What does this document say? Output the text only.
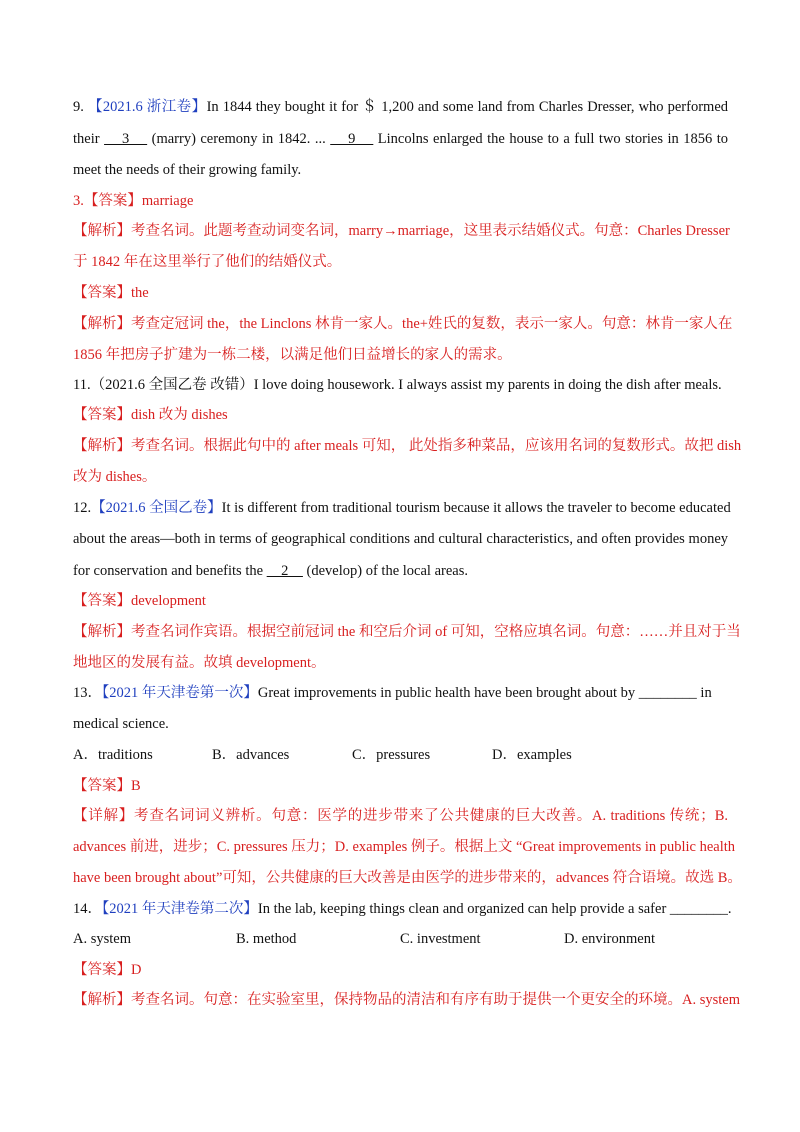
9. 【2021.6 浙江卷】In 1844 they bought it for ＄ 1,200 and some land from Charles Dresser, who performed
their     3     (marry) ceremony in 1842. ...     9     Lincolns enlarged the house to a full two stories in 1856 to
meet the needs of their growing family.
3.【答案】marriage
【解析】考查名词。此题考查动词变名词，marry→marriage，这里表示结婚仪式。句意：Charles Dresser
于 1842 年在这里举行了他们的结婚仪式。
【答案】the
【解析】考查定冠词 the，the Linclons 林肯一家人。the+姓氏的复数，表示一家人。句意：林肯一家人在
1856 年把房子扩建为一栋二楼，以满足他们日益增长的家人的需求。
11.（2021.6 全国乙卷 改错）I love doing housework. I always assist my parents in doing the dish after meals.
【答案】dish 改为 dishes
【解析】考查名词。根据此句中的 after meals 可知， 此处指多种菜品，应该用名词的复数形式。故把 dish
改为 dishes。
12.【2021.6 全国乙卷】It is different from traditional tourism because it allows the traveler to become educated
about the areas—both in terms of geographical conditions and cultural characteristics, and often provides money
for conservation and benefits the     2     (develop) of the local areas.
【答案】development
【解析】考查名词作宾语。根据空前冠词 the 和空后介词 of 可知，空格应填名词。句意：……并且对于当
地地区的发展有益。故填 development。
13．【2021 年天津卷第一次】Great improvements in public health have been brought about by ________ in
medical science.
A．traditions	B．advances	C．pressures	D．examples
【答案】B
【详解】考查名词词义辨析。句意：医学的进步带来了公共健康的巨大改善。A. traditions 传统；B.
advances 前进，进步；C. pressures 压力；D. examples 例子。根据上文 “Great improvements in public health
have been brought about”可知，公共健康的巨大改善是由医学的进步带来的，advances 符合语境。故选 B。
14．【2021 年天津卷第二次】In the lab, keeping things clean and organized can help provide a safer ________.
A. system	B. method	C. investment	D. environment
【答案】D
【解析】考查名词。句意：在实验室里，保持物品的清洁和有序有助于提供一个更安全的环境。A. system
